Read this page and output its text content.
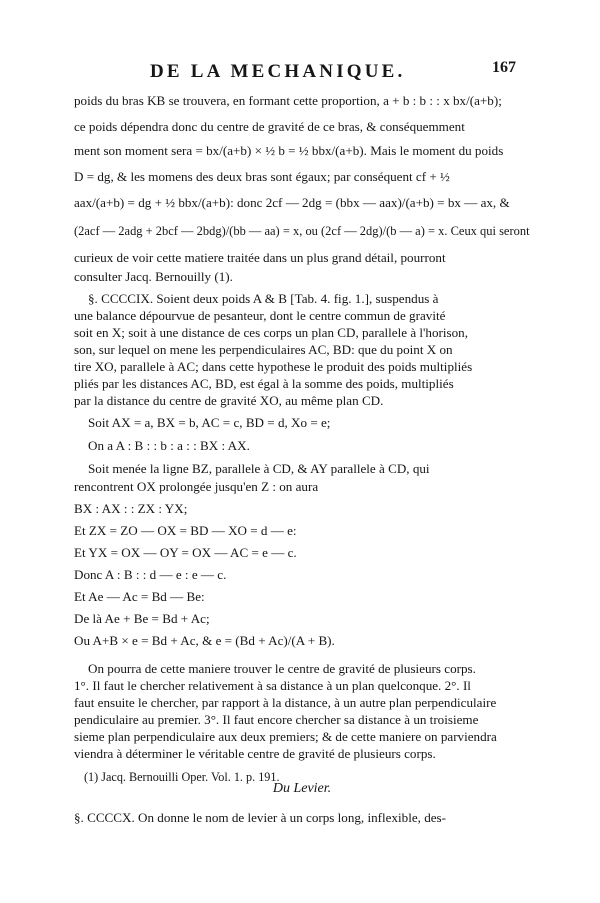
DE LA MECHANIQUE.	167
poids du bras KB se trouvera, en formant cette proportion, a + b : b : : x bx/(a+b);
ce poids dépendra donc du centre de gravité de ce bras, & conséquemment
ment son moment sera = bx/(a+b) × ½ b = ½ bbx/(a+b). Mais le moment du poids
D = dg, & les momens des deux bras sont égaux; par conséquent cf + ½
aax/(a+b) = dg + ½ bbx/(a+b): donc 2cf — 2dg = (bbx — aax)/(a+b) = bx — ax, &
(2acf — 2adg + 2bcf — 2bdg)/(bb — aa) = x, ou (2cf — 2dg)/(b — a) = x. Ceux qui seront
curieux de voir cette matiere traitée dans un plus grand détail, pourront
consulter Jacq. Bernouilly (1).
§. CCCCIX. Soient deux poids A & B [Tab. 4. fig. 1.], suspendus à
une balance dépourvue de pesanteur, dont le centre commun de gravité
soit en X; soit à une distance de ces corps un plan CD, parallele à l'horison,
son, sur lequel on mene les perpendiculaires AC, BD: que du point X on
tire XO, parallele à AC; dans cette hypothese le produit des poids multipliés
pliés par les distances AC, BD, est égal à la somme des poids, multipliés
par la distance du centre de gravité XO, au même plan CD.
Soit AX = a, BX = b, AC = c, BD = d, Xo = e;
On a A : B : : b : a : : BX : AX.
Soit menée la ligne BZ, parallele à CD, & AY parallele à CD, qui
rencontrent OX prolongée jusqu'en Z : on aura
BX : AX : : ZX : YX;
Et ZX = ZO — OX = BD — XO = d — e:
Et YX = OX — OY = OX — AC = e — c.
Donc A : B : : d — e : e — c.
Et Ae — Ac = Bd — Be:
De là Ae + Be = Bd + Ac;
Ou A+B × e = Bd + Ac, & e = (Bd + Ac)/(A + B).
On pourra de cette maniere trouver le centre de gravité de plusieurs corps.
1°. Il faut le chercher relativement à sa distance à un plan quelconque. 2°. Il
faut ensuite le chercher, par rapport à la distance, à un autre plan perpendiculaire
pendiculaire au premier. 3°. Il faut encore chercher sa distance à un troisieme
sieme plan perpendiculaire aux deux premiers; & de cette maniere on parviendra
viendra à déterminer le véritable centre de gravité de plusieurs corps.
Du Levier.
§. CCCCX. On donne le nom de levier à un corps long, inflexible, des-
(1) Jacq. Bernouilli Oper. Vol. 1. p. 191.
